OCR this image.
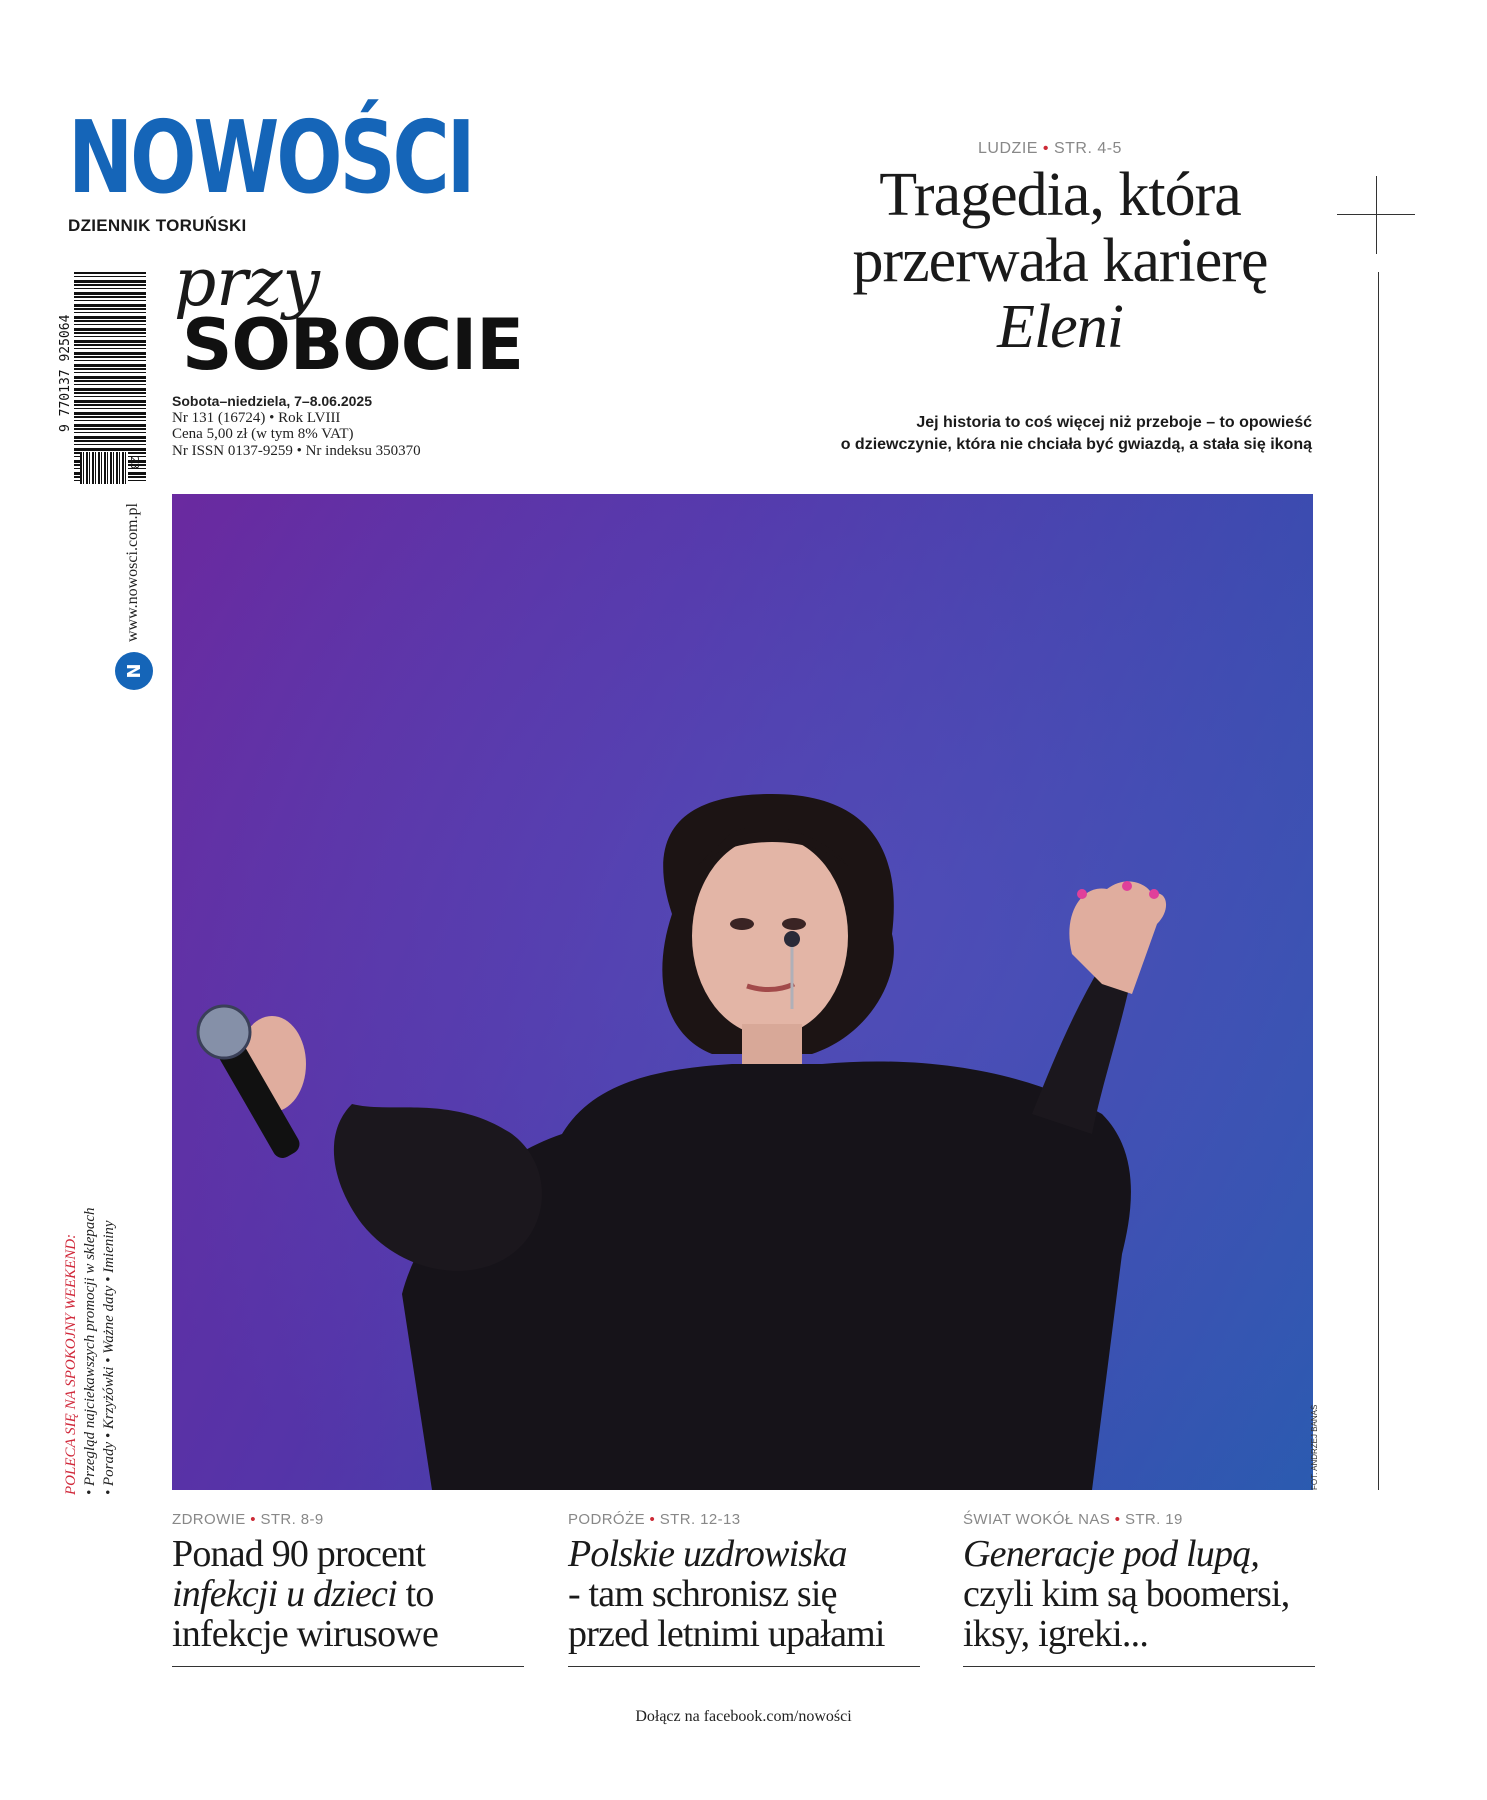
NOWOŚCI
DZIENNIK TORUŃSKI
9 770137 925064
23
www.nowosci.com.pl
N
przy
SOBOCIE
Sobota–niedziela, 7–8.06.2025
Nr 131 (16724) • Rok LVIII
Cena 5,00 zł (w tym 8% VAT)
Nr ISSN 0137-9259 • Nr indeksu 350370
LUDZIE • STR. 4-5
Tragedia, która
przerwała karierę
Eleni
Jej historia to coś więcej niż przeboje – to opowieść
o dziewczynie, która nie chciała być gwiazdą, a stała się ikoną
POLECA SIĘ NA SPOKOJNY WEEKEND: • Przegląd najciekawszych promocji w sklepach • Porady • Krzyżówki • Ważne daty • Imieniny	FOT. ANDRZEJ BANAŚ
ZDROWIE • STR. 8-9
Ponad 90 procent
infekcji u dzieci to
infekcje wirusowe
PODRÓŻE • STR. 12-13
Polskie uzdrowiska
- tam schronisz się
przed letnimi upałami
ŚWIAT WOKÓŁ NAS • STR. 19
Generacje pod lupą,
czyli kim są boomersi,
iksy, igreki...
Dołącz na facebook.com/nowości
